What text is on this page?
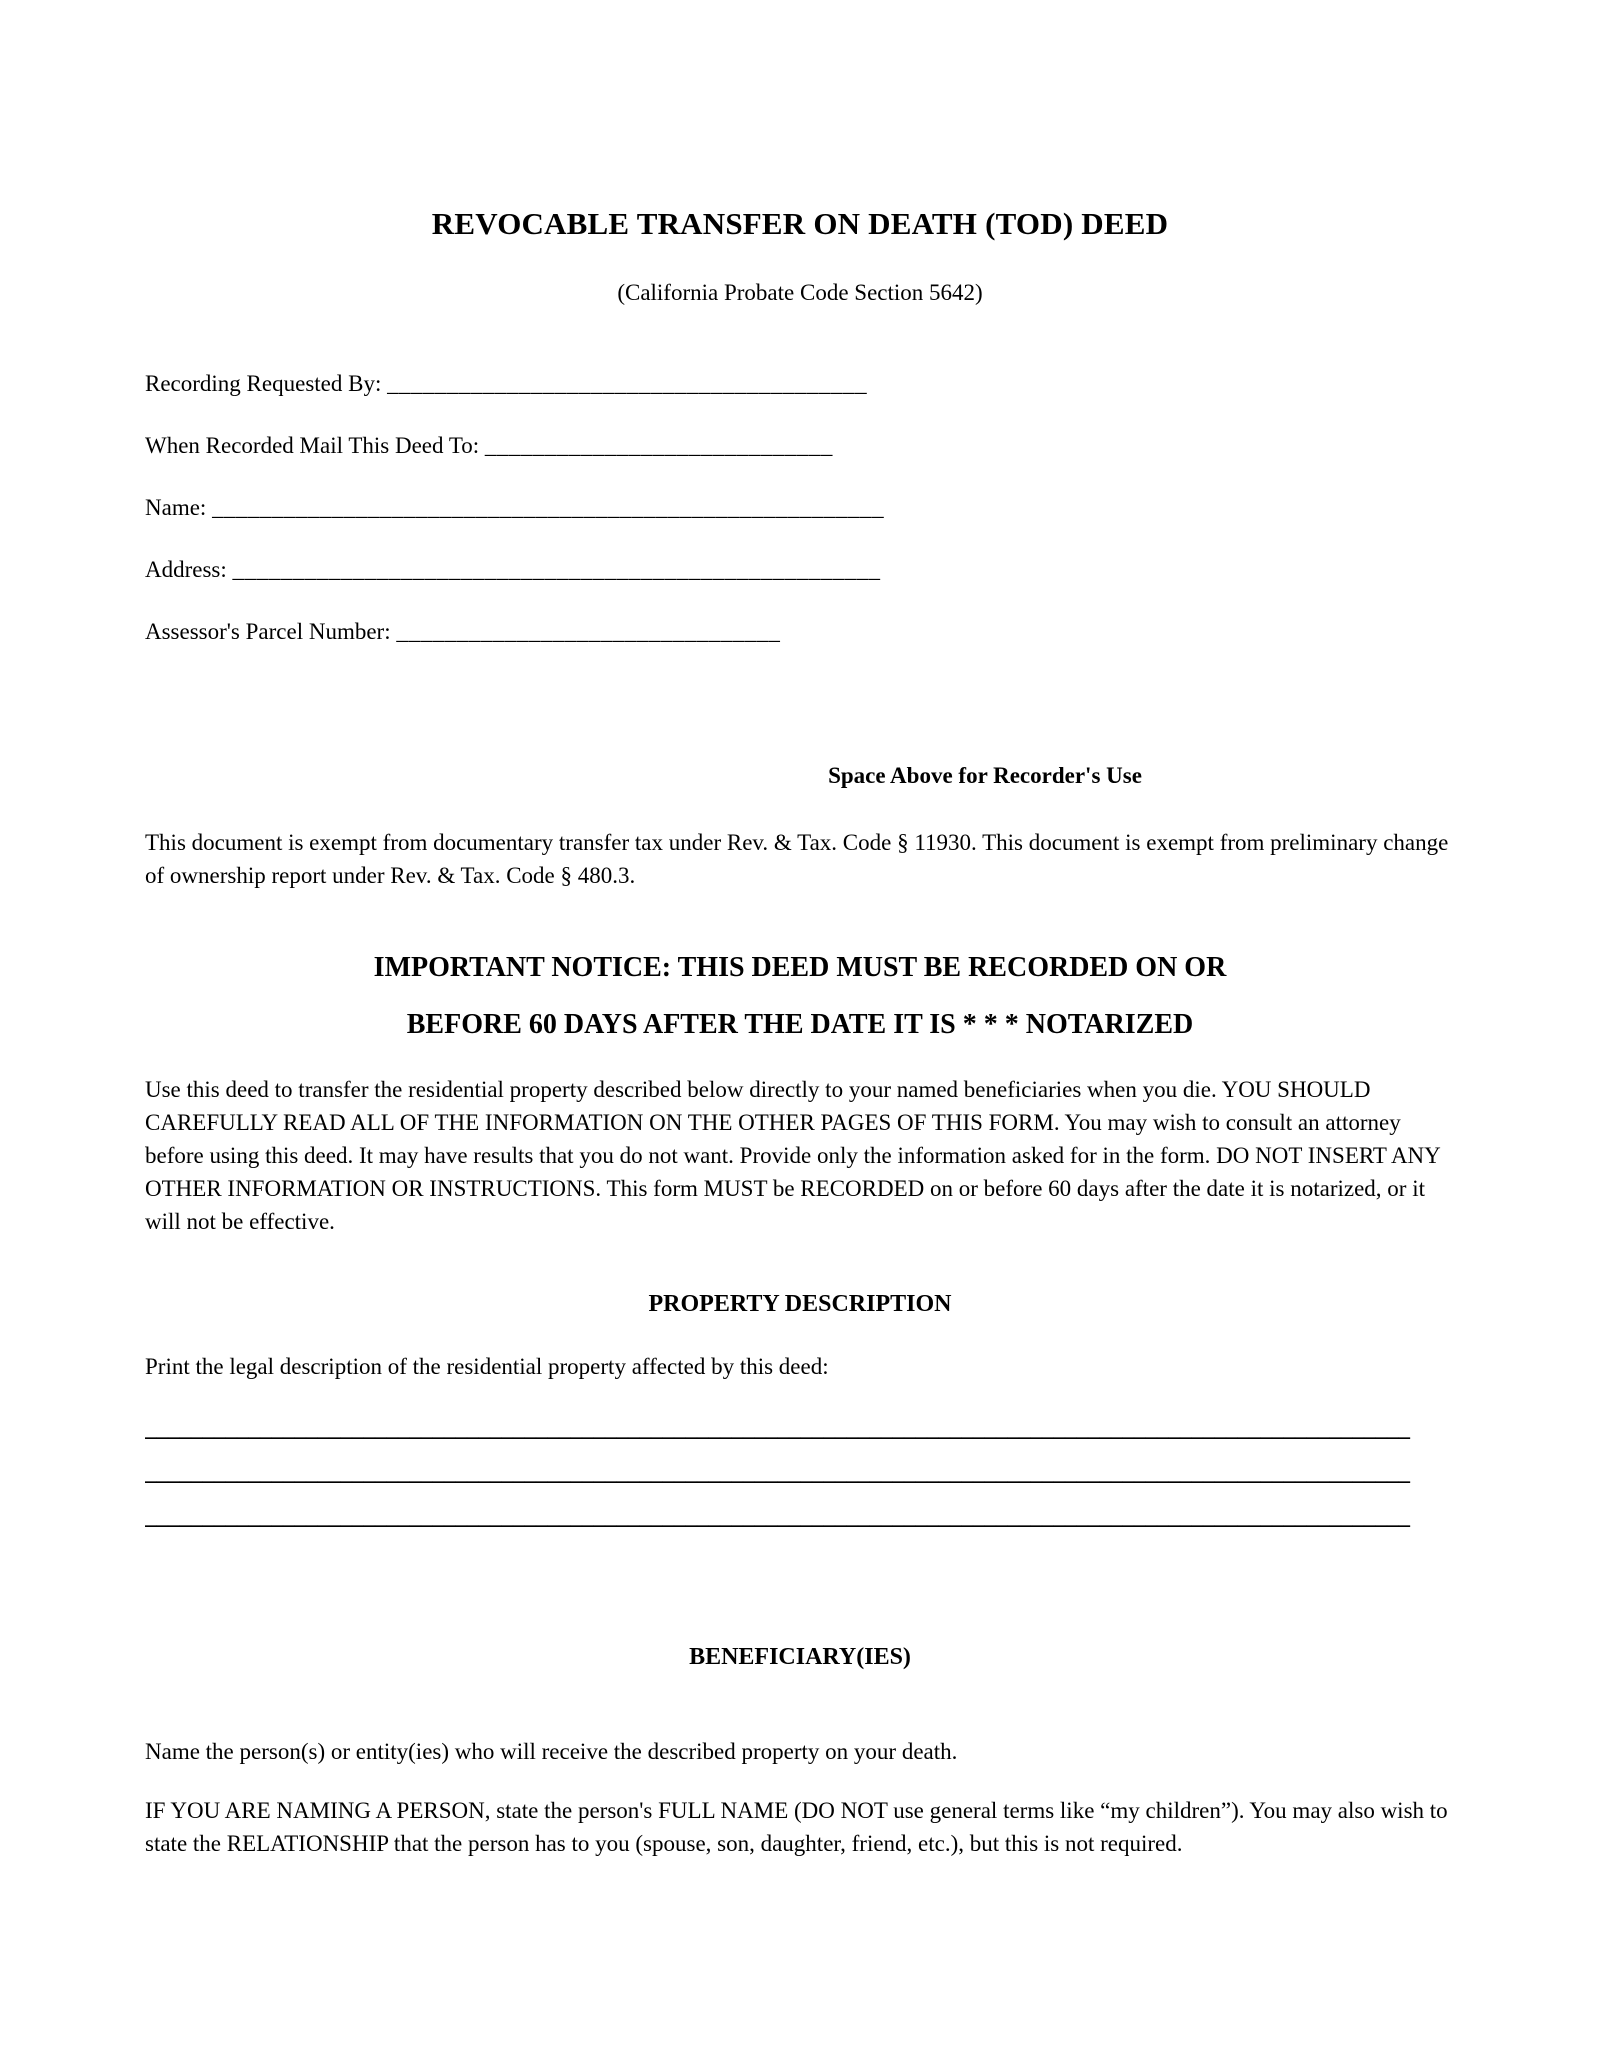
REVOCABLE TRANSFER ON DEATH (TOD) DEED

(California Probate Code Section 5642)

Recording Requested By: ________________________________________
When Recorded Mail This Deed To: _____________________________
Name: ________________________________________________________
Address: ______________________________________________________
Assessor's Parcel Number: ________________________________

Space Above for Recorder's Use

This document is exempt from documentary transfer tax under Rev. & Tax. Code § 11930. This document is exempt from preliminary change of ownership report under Rev. & Tax. Code § 480.3.

IMPORTANT NOTICE: THIS DEED MUST BE RECORDED ON OR

BEFORE 60 DAYS AFTER THE DATE IT IS * * * NOTARIZED

Use this deed to transfer the residential property described below directly to your named beneficiaries when you die. YOU SHOULD CAREFULLY READ ALL OF THE INFORMATION ON THE OTHER PAGES OF THIS FORM. You may wish to consult an attorney before using this deed. It may have results that you do not want. Provide only the information asked for in the form. DO NOT INSERT ANY OTHER INFORMATION OR INSTRUCTIONS. This form MUST be RECORDED on or before 60 days after the date it is notarized, or it will not be effective.

PROPERTY DESCRIPTION

Print the legal description of the residential property affected by this deed:

______________________________________________________________________________________________________________
______________________________________________________________________________________________________________
______________________________________________________________________________________________________________

BENEFICIARY(IES)

Name the person(s) or entity(ies) who will receive the described property on your death.

IF YOU ARE NAMING A PERSON, state the person's FULL NAME (DO NOT use general terms like “my children”). You may also wish to state the RELATIONSHIP that the person has to you (spouse, son, daughter, friend, etc.), but this is not required.
